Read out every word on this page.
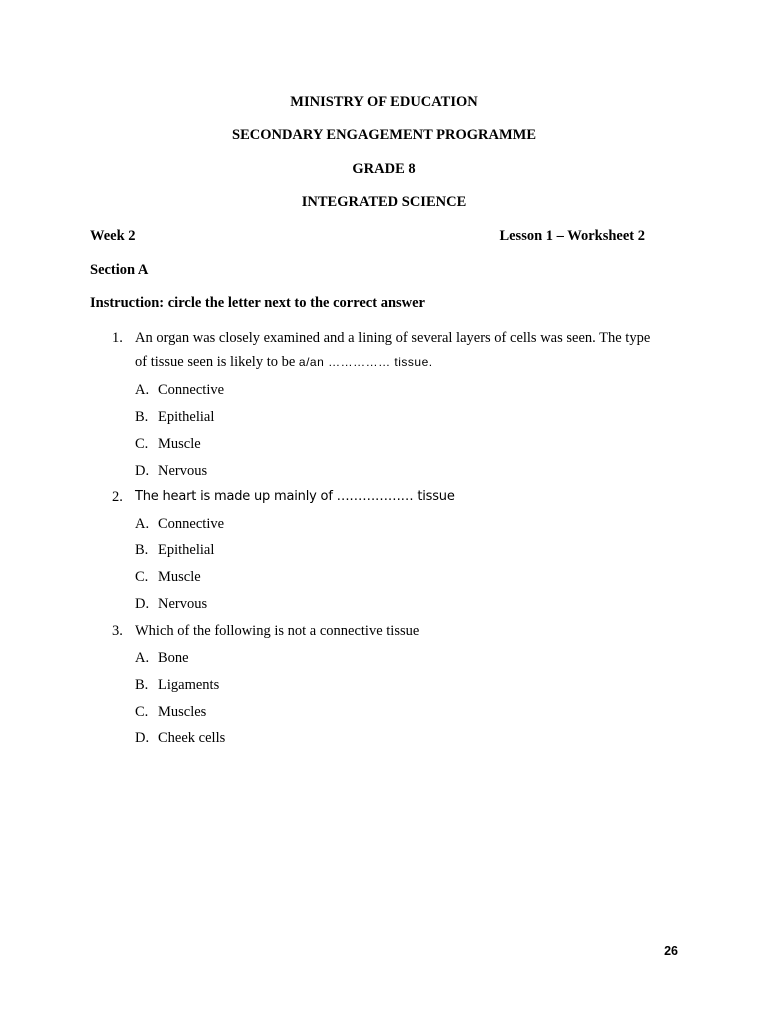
MINISTRY OF EDUCATION
SECONDARY ENGAGEMENT PROGRAMME
GRADE 8
INTEGRATED SCIENCE
Week 2	Lesson 1 – Worksheet 2
Section A
Instruction: circle the letter next to the correct answer
1. An organ was closely examined and a lining of several layers of cells was seen. The type
of tissue seen is likely to be a/an …………… tissue.
A. Connective
B. Epithelial
C. Muscle
D. Nervous
2. The heart is made up mainly of ……………… tissue
A. Connective
B. Epithelial
C. Muscle
D. Nervous
3. Which of the following is not a connective tissue
A. Bone
B. Ligaments
C. Muscles
D. Cheek cells
26
